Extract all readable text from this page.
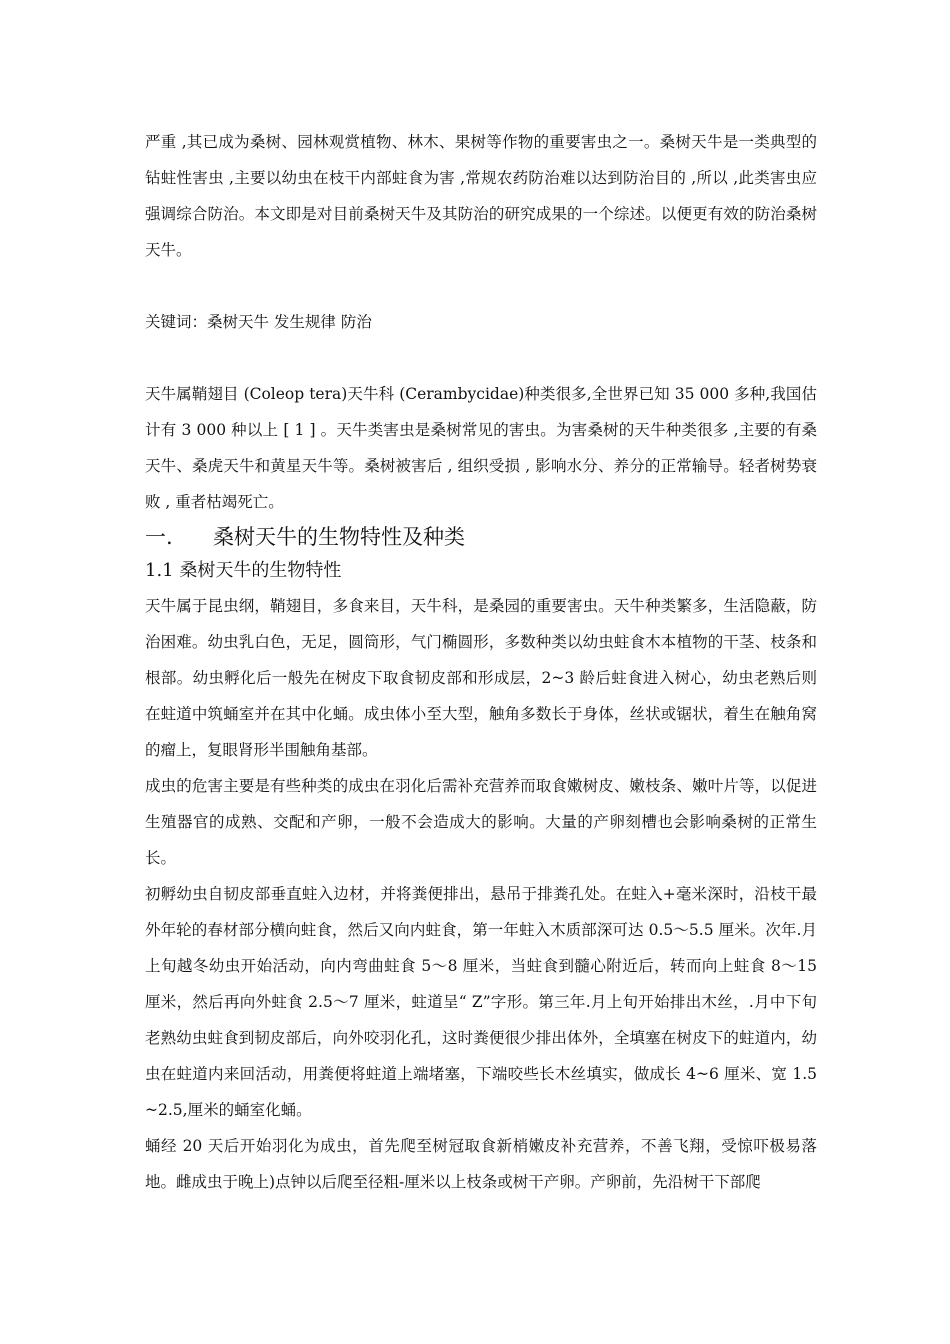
严重 ,其已成为桑树、园林观赏植物、林木、果树等作物的重要害虫之一。桑树天牛是一类典型的钻蛀性害虫 ,主要以幼虫在枝干内部蛀食为害 ,常规农药防治难以达到防治目的 ,所以 ,此类害虫应强调综合防治。本文即是对目前桑树天牛及其防治的研究成果的一个综述。以便更有效的防治桑树天牛。

关键词：桑树天牛 发生规律 防治

天牛属鞘翅目 (Coleop tera)天牛科 (Cerambycidae)种类很多,全世界已知 35 000 多种,我国估计有 3 000 种以上 [ 1 ] 。天牛类害虫是桑树常见的害虫。为害桑树的天牛种类很多 ,主要的有桑天牛、桑虎天牛和黄星天牛等。桑树被害后 , 组织受损 , 影响水分、养分的正常输导。轻者树势衰败 , 重者枯竭死亡。

一.	桑树天牛的生物特性及种类
1.1 桑树天牛的生物特性

天牛属于昆虫纲，鞘翅目，多食来目，天牛科，是桑园的重要害虫。天牛种类繁多，生活隐蔽，防治困难。幼虫乳白色，无足，圆筒形，气门椭圆形，多数种类以幼虫蛀食木本植物的干茎、枝条和根部。幼虫孵化后一般先在树皮下取食韧皮部和形成层，2~3 龄后蛀食进入树心，幼虫老熟后则在蛀道中筑蛹室并在其中化蛹。成虫体小至大型，触角多数长于身体，丝状或锯状，着生在触角窝的瘤上，复眼肾形半围触角基部。

成虫的危害主要是有些种类的成虫在羽化后需补充营养而取食嫩树皮、嫩枝条、嫩叶片等，以促进生殖器官的成熟、交配和产卵，一般不会造成大的影响。大量的产卵刻槽也会影响桑树的正常生长。

初孵幼虫自韧皮部垂直蛀入边材，并将粪便排出，悬吊于排粪孔处。在蛀入+毫米深时，沿枝干最外年轮的春材部分横向蛀食，然后又向内蛀食，第一年蛀入木质部深可达 0.5～5.5 厘米。次年.月上旬越冬幼虫开始活动，向内弯曲蛀食 5～8 厘米，当蛀食到髓心附近后，转而向上蛀食 8～15 厘米，然后再向外蛀食 2.5～7 厘米，蛀道呈“ Z”字形。第三年.月上旬开始排出木丝，.月中下旬老熟幼虫蛀食到韧皮部后，向外咬羽化孔，这时粪便很少排出体外，全填塞在树皮下的蛀道内，幼虫在蛀道内来回活动，用粪便将蛀道上端堵塞，下端咬些长木丝填实，做成长 4~6 厘米、宽 1.5~2.5,厘米的蛹室化蛹。

蛹经 20 天后开始羽化为成虫，首先爬至树冠取食新梢嫩皮补充营养，不善飞翔，受惊吓极易落地。雌成虫于晚上)点钟以后爬至径粗-厘米以上枝条或树干产卵。产卵前，先沿树干下部爬
